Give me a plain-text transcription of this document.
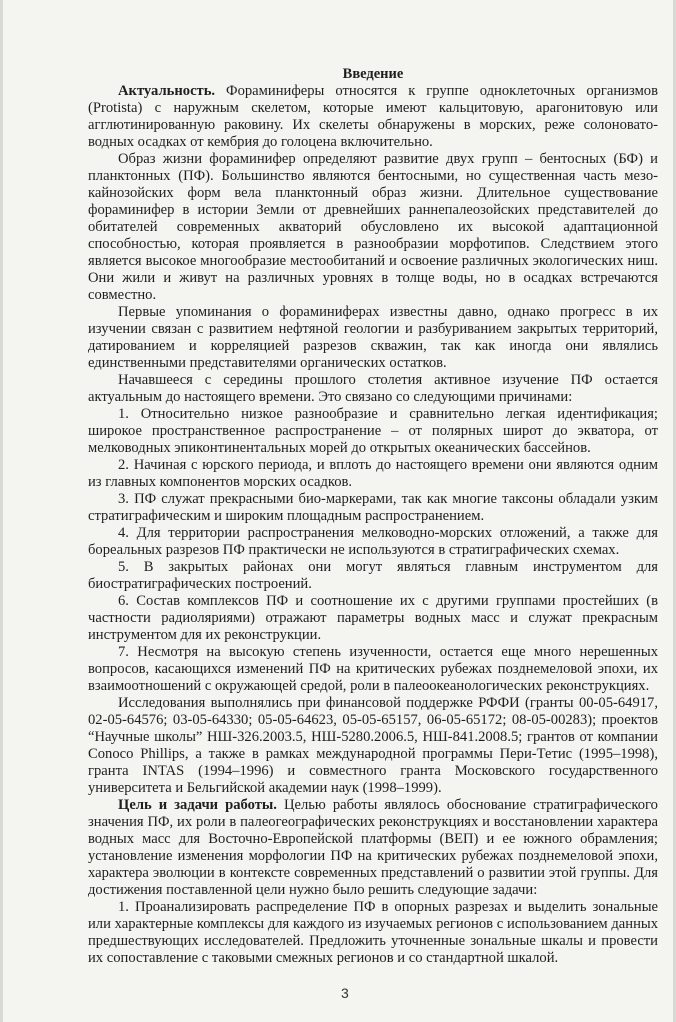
Введение

Актуальность. Фораминиферы относятся к группе одноклеточных организмов (Protista) с наружным скелетом, которые имеют кальцитовую, арагонитовую или агглютинированную раковину. Их скелеты обнаружены в морских, реже солоновато-водных осадках от кембрия до голоцена включительно.

Образ жизни фораминифер определяют развитие двух групп – бентосных (БФ) и планктонных (ПФ). Большинство являются бентосными, но существенная часть мезо-кайнозойских форм вела планктонный образ жизни. Длительное существование фораминифер в истории Земли от древнейших раннепалеозойских представителей до обитателей современных акваторий обусловлено их высокой адаптационной способностью, которая проявляется в разнообразии морфотипов. Следствием этого является высокое многообразие местообитаний и освоение различных экологических ниш. Они жили и живут на различных уровнях в толще воды, но в осадках встречаются совместно.

Первые упоминания о фораминиферах известны давно, однако прогресс в их изучении связан с развитием нефтяной геологии и разбуриванием закрытых территорий, датированием и корреляцией разрезов скважин, так как иногда они являлись единственными представителями органических остатков.

Начавшееся с середины прошлого столетия активное изучение ПФ остается актуальным до настоящего времени. Это связано со следующими причинами:

1. Относительно низкое разнообразие и сравнительно легкая идентификация; широкое пространственное распространение – от полярных широт до экватора, от мелководных эпиконтинентальных морей до открытых океанических бассейнов.

2. Начиная с юрского периода, и вплоть до настоящего времени они являются одним из главных компонентов морских осадков.

3. ПФ служат прекрасными био-маркерами, так как многие таксоны обладали узким стратиграфическим и широким площадным распространением.

4. Для территории распространения мелководно-морских отложений, а также для бореальных разрезов ПФ практически не используются в стратиграфических схемах.

5. В закрытых районах они могут являться главным инструментом для биостратиграфических построений.

6. Состав комплексов ПФ и соотношение их с другими группами простейших (в частности радиоляриями) отражают параметры водных масс и служат прекрасным инструментом для их реконструкции.

7. Несмотря на высокую степень изученности, остается еще много нерешенных вопросов, касающихся изменений ПФ на критических рубежах позднемеловой эпохи, их взаимоотношений с окружающей средой, роли в палеоокеанологических реконструкциях.

Исследования выполнялись при финансовой поддержке РФФИ (гранты 00-05-64917, 02-05-64576; 03-05-64330; 05-05-64623, 05-05-65157, 06-05-65172; 08-05-00283); проектов “Научные школы” НШ-326.2003.5, НШ-5280.2006.5, НШ-841.2008.5; грантов от компании Conoco Phillips, а также в рамках международной программы Пери-Тетис (1995–1998), гранта INTAS (1994–1996) и совместного гранта Московского государственного университета и Бельгийской академии наук (1998–1999).

Цель и задачи работы. Целью работы являлось обоснование стратиграфического значения ПФ, их роли в палеогеографических реконструкциях и восстановлении характера водных масс для Восточно-Европейской платформы (ВЕП) и ее южного обрамления; установление изменения морфологии ПФ на критических рубежах позднемеловой эпохи, характера эволюции в контексте современных представлений о развитии этой группы. Для достижения поставленной цели нужно было решить следующие задачи:

1. Проанализировать распределение ПФ в опорных разрезах и выделить зональные или характерные комплексы для каждого из изучаемых регионов с использованием данных предшествующих исследователей. Предложить уточненные зональные шкалы и провести их сопоставление с таковыми смежных регионов и со стандартной шкалой.

3
